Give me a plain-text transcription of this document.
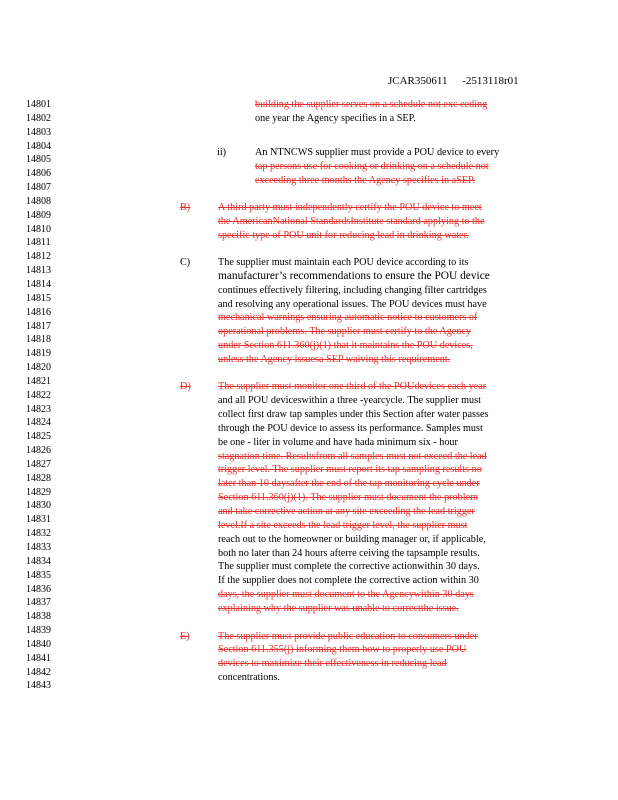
JCAR350611 -2513118r01
14801
14802
14803
14804
14805
14806
14807
14808
14809
14810
14811
14812
14813
14814
14815
14816
14817
14818
14819
14820
14821
14822
14823
14824
14825
14826
14827
14828
14829
14830
14831
14832
14833
14834
14835
14836
14837
14838
14839
14840
14841
14842
14843
ii)
B)
C)
D)
E)
building the supplier serves on a schedule not exc eeding
one year the Agency specifies in a SEP.
An NTNCWS supplier must provide a POU device to every
tap persons use for cooking or drinking on a schedule not
exceeding three months the Agency specifies in aSEP.
A third party must independently certify the POU device to meet
the AmericanNational StandardsInstitute standard applying to the
specific type of POU unit for reducing lead in drinking water.
The supplier must maintain each POU device according to its
manufacturer’s recommendations to ensure the POU device
continues effectively filtering, including changing filter cartridges
and resolving any operational issues. The POU devices must have
mechanical warnings ensuring automatic notice to customers of
operational problems. The supplier must certify to the Agency
under Section 611.360(j)(1) that it maintains the POU devices,
unless the Agency issuesa SEP waiving this requirement.
The supplier must monitor one third of the POUdevices each year
and all POU deviceswithin a three -yearcycle. The supplier must
collect first draw tap samples under this Section after water passes
through the POU device to assess its performance. Samples must
be one - liter in volume and have hada minimum six - hour
stagnation time. Resultsfrom all samples must not exceed the lead
trigger level. The supplier must report its tap sampling results no
later than 10 daysafter the end of the tap monitoring cycle under
Section 611.360(j)(1). The supplier must document the problem
and take corrective action at any site exceeding the lead trigger
level.If a site exceeds the lead trigger level, the supplier must
reach out to the homeowner or building manager or, if applicable,
both no later than 24 hours afterre ceiving the tapsample results.
The supplier must complete the corrective actionwithin 30 days.
If the supplier does not complete the corrective action within 30
days, the supplier must document to the Agencywithin 30 days
explaining why the supplier was unable to correctthe issue.
The supplier must provide public education to consumers under
Section 611.355(j) informing them how to properly use POU
devices to maximize their effectiveness in reducing lead
concentrations.
